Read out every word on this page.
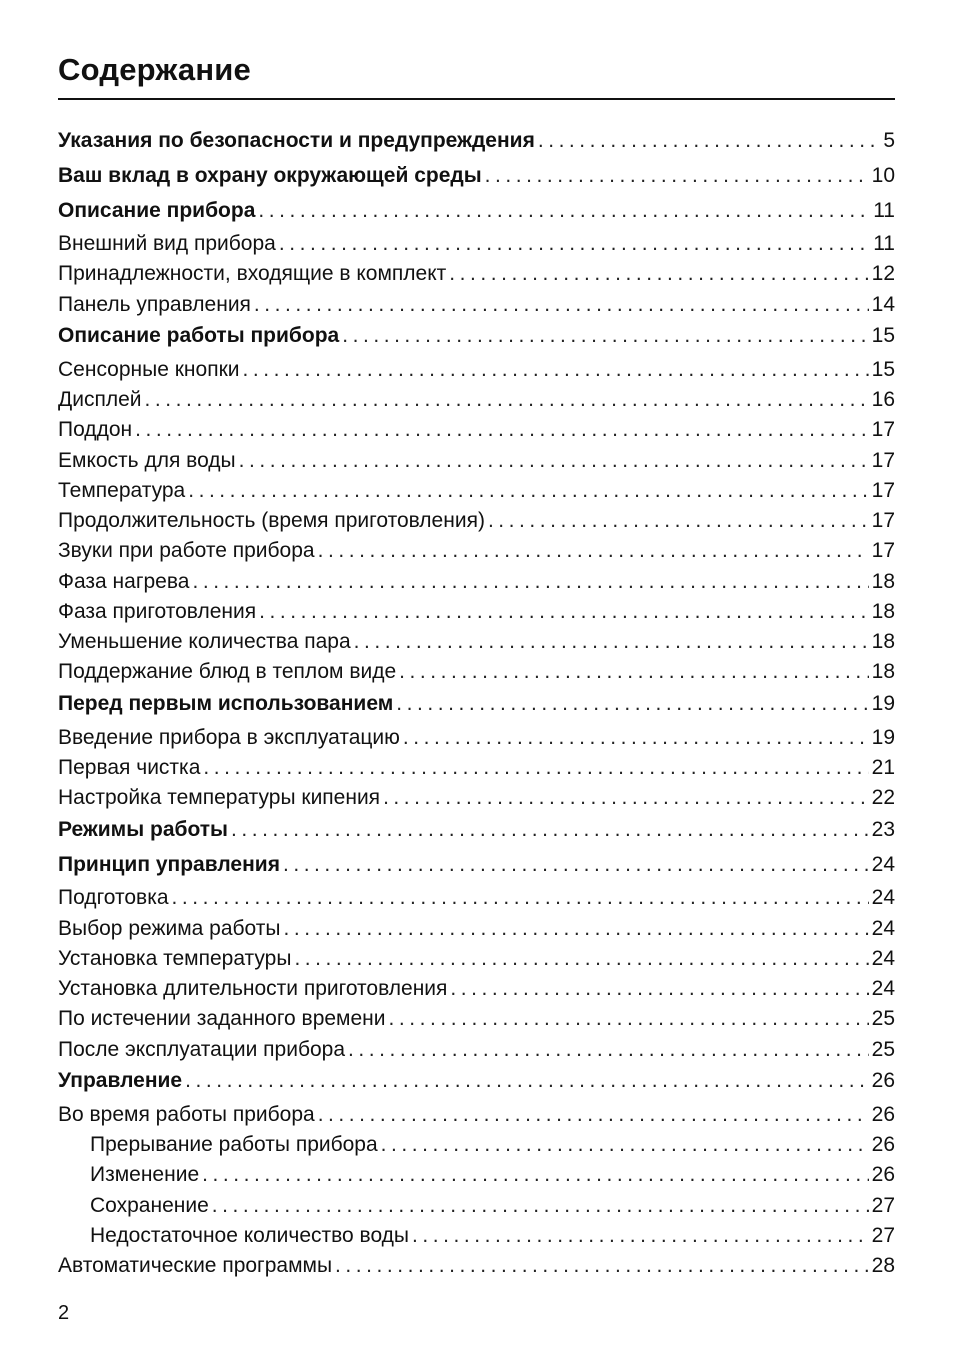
Содержание
Указания по безопасности и предупреждения . . .	5
Ваш вклад в охрану окружающей среды . . .	10
Описание прибора . . .	11
Внешний вид прибора . . .	11
Принадлежности, входящие в комплект . . .	12
Панель управления . . .	14
Описание работы прибора . . .	15
Сенсорные кнопки . . .	15
Дисплей . . .	16
Поддон . . .	17
Емкость для воды . . .	17
Температура . . .	17
Продолжительность (время приготовления) . . .	17
Звуки при работе прибора . . .	17
Фаза нагрева . . .	18
Фаза приготовления . . .	18
Уменьшение количества пара . . .	18
Поддержание блюд в теплом виде . . .	18
Перед первым использованием . . .	19
Введение прибора в эксплуатацию . . .	19
Первая чистка . . .	21
Настройка температуры кипения . . .	22
Режимы работы . . .	23
Принцип управления . . .	24
Подготовка . . .	24
Выбор режима работы . . .	24
Установка температуры . . .	24
Установка длительности приготовления . . .	24
По истечении заданного времени . . .	25
После эксплуатации прибора . . .	25
Управление . . .	26
Во время работы прибора . . .	26
Прерывание работы прибора . . .	26
Изменение . . .	26
Сохранение . . .	27
Недостаточное количество воды . . .	27
Автоматические программы . . .	28
2
